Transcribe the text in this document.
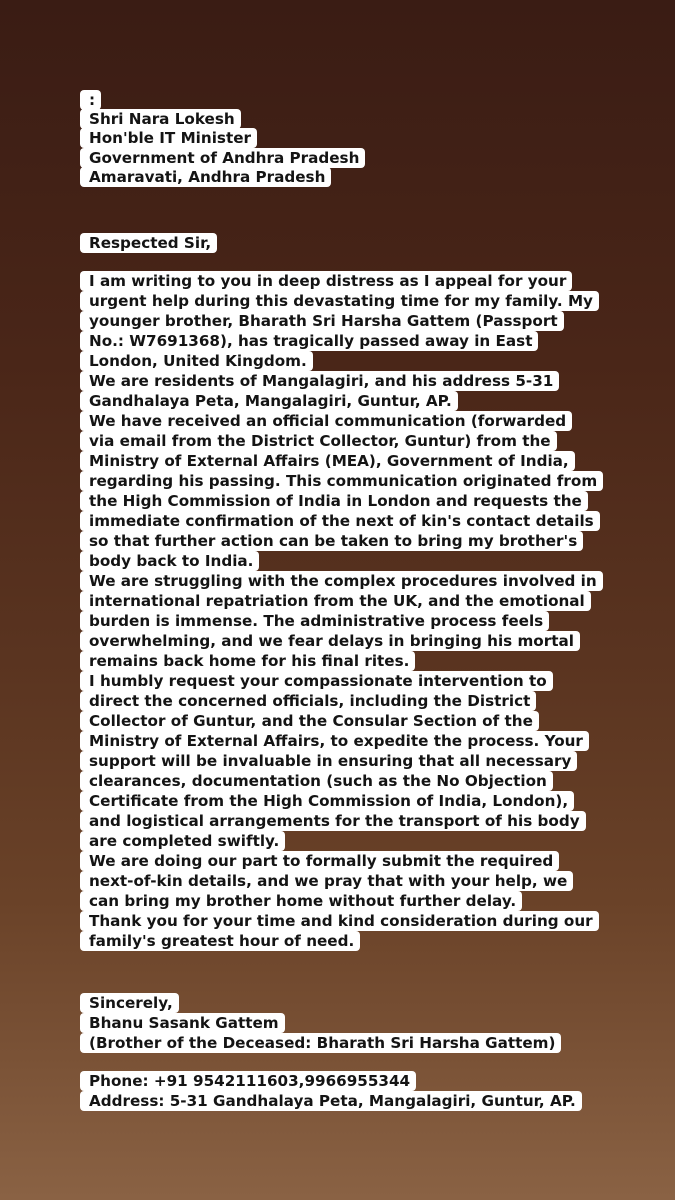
:
Shri Nara Lokesh
Hon'ble IT Minister
Government of Andhra Pradesh
Amaravati, Andhra Pradesh
Respected Sir,
I am writing to you in deep distress as I appeal for your
urgent help during this devastating time for my family. My
younger brother, Bharath Sri Harsha Gattem (Passport
No.: W7691368), has tragically passed away in East
London, United Kingdom.
We are residents of Mangalagiri, and his address 5-31
Gandhalaya Peta, Mangalagiri, Guntur, AP.
We have received an official communication (forwarded
via email from the District Collector, Guntur) from the
Ministry of External Affairs (MEA), Government of India,
regarding his passing. This communication originated from
the High Commission of India in London and requests the
immediate confirmation of the next of kin's contact details
so that further action can be taken to bring my brother's
body back to India.
We are struggling with the complex procedures involved in
international repatriation from the UK, and the emotional
burden is immense. The administrative process feels
overwhelming, and we fear delays in bringing his mortal
remains back home for his final rites.
I humbly request your compassionate intervention to
direct the concerned officials, including the District
Collector of Guntur, and the Consular Section of the
Ministry of External Affairs, to expedite the process. Your
support will be invaluable in ensuring that all necessary
clearances, documentation (such as the No Objection
Certificate from the High Commission of India, London),
and logistical arrangements for the transport of his body
are completed swiftly.
We are doing our part to formally submit the required
next-of-kin details, and we pray that with your help, we
can bring my brother home without further delay.
Thank you for your time and kind consideration during our
family's greatest hour of need.
Sincerely,
Bhanu Sasank Gattem
(Brother of the Deceased: Bharath Sri Harsha Gattem)
Phone: +91 9542111603,9966955344
Address: 5-31 Gandhalaya Peta, Mangalagiri, Guntur, AP.
